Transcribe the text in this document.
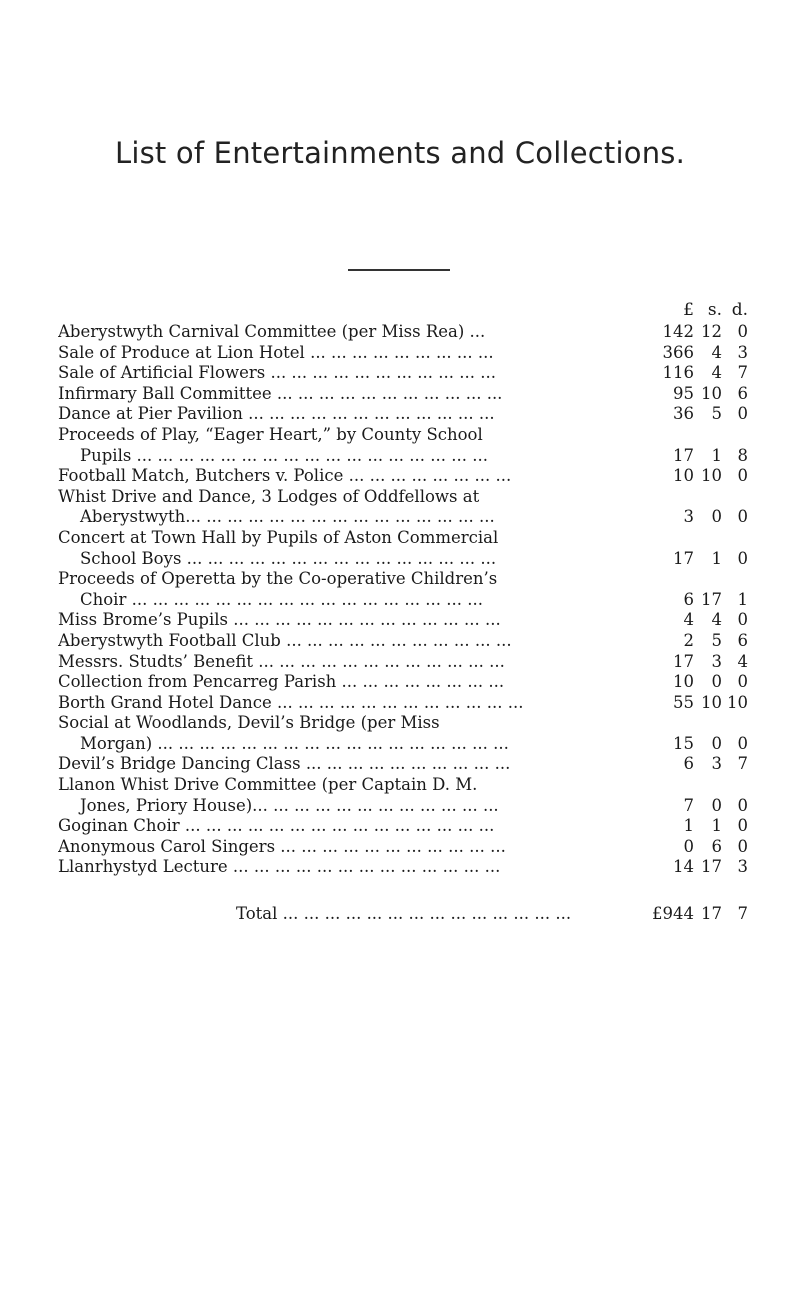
List of Entertainments and Collections.
£ s. d.
Aberystwyth Carnival Committee (per Miss Rea) ...	142 12 0
Sale of Produce at Lion Hotel ... ... ... ... ... ... ... ... ...	366	4 3
Sale of Artificial Flowers ... ... ... ... ... ... ... ... ... ... ...	116	4 7
Infirmary Ball Committee ... ... ... ... ... ... ... ... ... ... ...	95 10 6
Dance at Pier Pavilion ... ... ... ... ... ... ... ... ... ... ... ...	36	5 0
Proceeds of Play, “Eager Heart,” by County School
Pupils ... ... ... ... ... ... ... ... ... ... ... ... ... ... ... ... ...	17	1 8
Football Match, Butchers v. Police ... ... ... ... ... ... ... ...	10 10 0
Whist Drive and Dance, 3 Lodges of Oddfellows at
Aberystwyth... ... ... ... ... ... ... ... ... ... ... ... ... ... ...	3	0 0
Concert at Town Hall by Pupils of Aston Commercial
School Boys ... ... ... ... ... ... ... ... ... ... ... ... ... ... ...	17	1 0
Proceeds of Operetta by the Co-operative Children’s
Choir ... ... ... ... ... ... ... ... ... ... ... ... ... ... ... ... ...	6 17 1
Miss Brome’s Pupils ... ... ... ... ... ... ... ... ... ... ... ... ...	4	4 0
Aberystwyth Football Club ... ... ... ... ... ... ... ... ... ... ...	2	5 6
Messrs. Studts’ Benefit ... ... ... ... ... ... ... ... ... ... ... ...	17	3 4
Collection from Pencarreg Parish ... ... ... ... ... ... ... ...	10	0 0
Borth Grand Hotel Dance ... ... ... ... ... ... ... ... ... ... ... ...	55 10 10
Social at Woodlands, Devil’s Bridge (per Miss
Morgan) ... ... ... ... ... ... ... ... ... ... ... ... ... ... ... ... ...	15	0 0
Devil’s Bridge Dancing Class ... ... ... ... ... ... ... ... ... ...	6	3 7
Llanon Whist Drive Committee (per Captain D. M.
Jones, Priory House)... ... ... ... ... ... ... ... ... ... ... ...	7	0 0
Goginan Choir ... ... ... ... ... ... ... ... ... ... ... ... ... ... ...	1	1 0
Anonymous Carol Singers ... ... ... ... ... ... ... ... ... ... ...	0	6 0
Llanrhystyd Lecture ... ... ... ... ... ... ... ... ... ... ... ... ...	14 17 3
Total ... ... ... ... ... ... ... ... ... ... ... ... ... ...	£944 17 7
